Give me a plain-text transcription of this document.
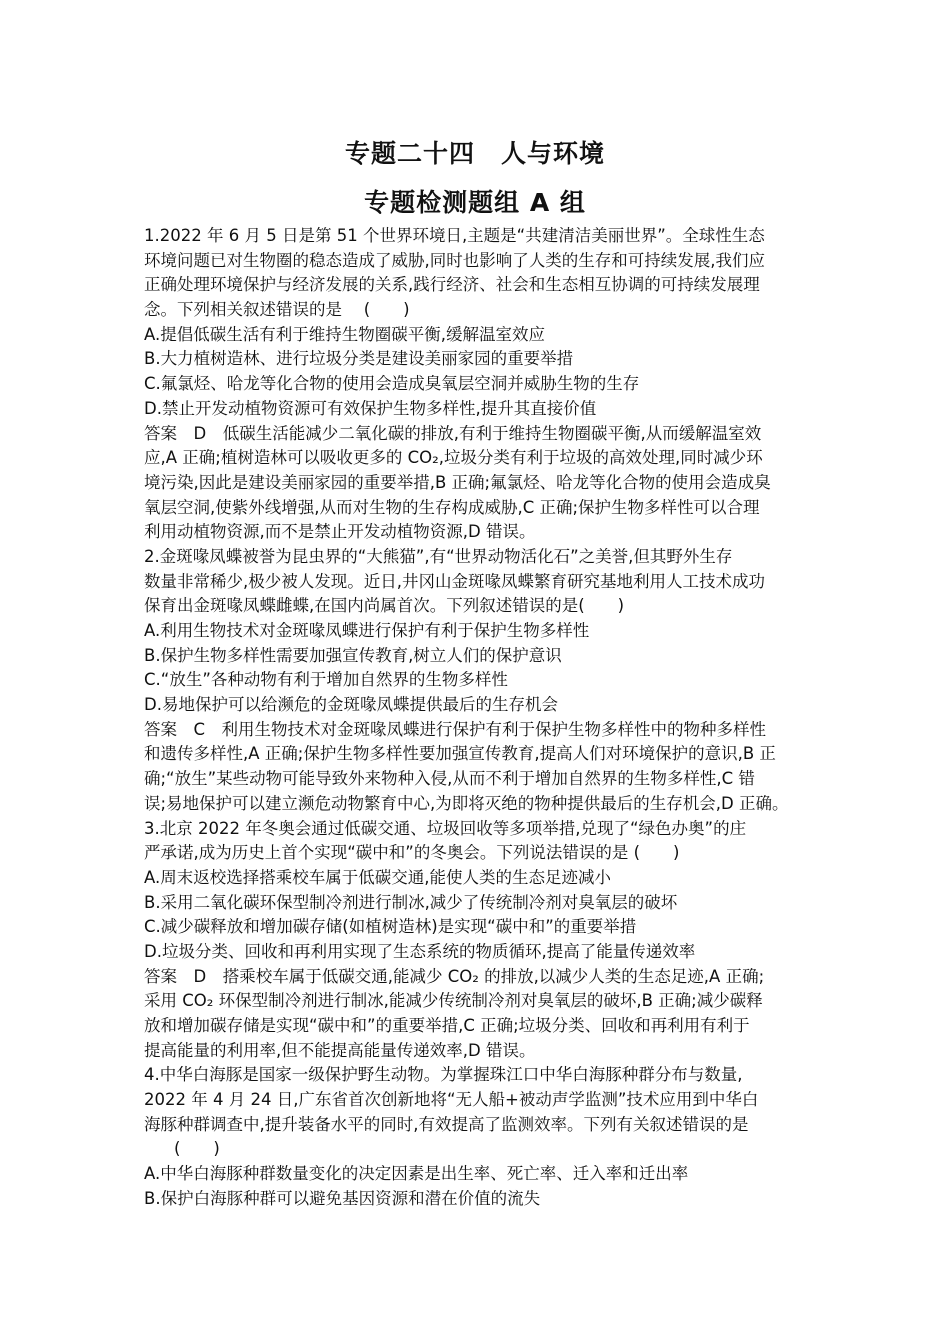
专题二十四　人与环境
专题检测题组 A 组
1.2022 年 6 月 5 日是第 51 个世界环境日,主题是“共建清洁美丽世界”。全球性生态
环境问题已对生物圈的稳态造成了威胁,同时也影响了人类的生存和可持续发展,我们应
正确处理环境保护与经济发展的关系,践行经济、社会和生态相互协调的可持续发展理
念。下列相关叙述错误的是　 (　　)
A.提倡低碳生活有利于维持生物圈碳平衡,缓解温室效应
B.大力植树造林、进行垃圾分类是建设美丽家园的重要举措
C.氟氯烃、哈龙等化合物的使用会造成臭氧层空洞并威胁生物的生存
D.禁止开发动植物资源可有效保护生物多样性,提升其直接价值
答案　D　低碳生活能减少二氧化碳的排放,有利于维持生物圈碳平衡,从而缓解温室效
应,A 正确;植树造林可以吸收更多的 CO₂,垃圾分类有利于垃圾的高效处理,同时减少环
境污染,因此是建设美丽家园的重要举措,B 正确;氟氯烃、哈龙等化合物的使用会造成臭
氧层空洞,使紫外线增强,从而对生物的生存构成威胁,C 正确;保护生物多样性可以合理
利用动植物资源,而不是禁止开发动植物资源,D 错误。
2.金斑喙凤蝶被誉为昆虫界的“大熊猫”,有“世界动物活化石”之美誉,但其野外生存
数量非常稀少,极少被人发现。近日,井冈山金斑喙凤蝶繁育研究基地利用人工技术成功
保育出金斑喙凤蝶雌蝶,在国内尚属首次。下列叙述错误的是(　　)
A.利用生物技术对金斑喙凤蝶进行保护有利于保护生物多样性
B.保护生物多样性需要加强宣传教育,树立人们的保护意识
C.“放生”各种动物有利于增加自然界的生物多样性
D.易地保护可以给濒危的金斑喙凤蝶提供最后的生存机会
答案　C　利用生物技术对金斑喙凤蝶进行保护有利于保护生物多样性中的物种多样性
和遗传多样性,A 正确;保护生物多样性要加强宣传教育,提高人们对环境保护的意识,B 正
确;“放生”某些动物可能导致外来物种入侵,从而不利于增加自然界的生物多样性,C 错
误;易地保护可以建立濒危动物繁育中心,为即将灭绝的物种提供最后的生存机会,D 正确。
3.北京 2022 年冬奥会通过低碳交通、垃圾回收等多项举措,兑现了“绿色办奥”的庄
严承诺,成为历史上首个实现“碳中和”的冬奥会。下列说法错误的是 (　　)
A.周末返校选择搭乘校车属于低碳交通,能使人类的生态足迹减小
B.采用二氧化碳环保型制冷剂进行制冰,减少了传统制冷剂对臭氧层的破坏
C.减少碳释放和增加碳存储(如植树造林)是实现“碳中和”的重要举措
D.垃圾分类、回收和再利用实现了生态系统的物质循环,提高了能量传递效率
答案　D　搭乘校车属于低碳交通,能减少 CO₂ 的排放,以减少人类的生态足迹,A 正确;
采用 CO₂ 环保型制冷剂进行制冰,能减少传统制冷剂对臭氧层的破坏,B 正确;减少碳释
放和增加碳存储是实现“碳中和”的重要举措,C 正确;垃圾分类、回收和再利用有利于
提高能量的利用率,但不能提高能量传递效率,D 错误。
4.中华白海豚是国家一级保护野生动物。为掌握珠江口中华白海豚种群分布与数量,
2022 年 4 月 24 日,广东省首次创新地将“无人船+被动声学监测”技术应用到中华白
海豚种群调查中,提升装备水平的同时,有效提高了监测效率。下列有关叙述错误的是
(　　)
A.中华白海豚种群数量变化的决定因素是出生率、死亡率、迁入率和迁出率
B.保护白海豚种群可以避免基因资源和潜在价值的流失
